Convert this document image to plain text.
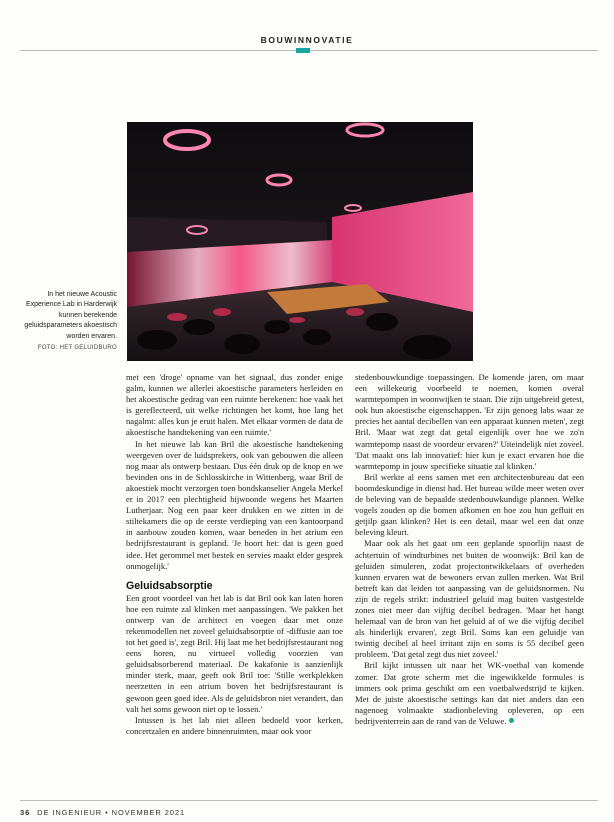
BOUWINNOVATIE
In het nieuwe Acoustic Experience Lab in Harderwijk kunnen berekende geluidsparameters akoestisch worden ervaren.
FOTO: HET GELUIDBURO

met een 'droge' opname van het signaal, dus zonder enige galm, kunnen we allerlei akoestische parameters herleiden en het akoestische gedrag van een ruimte berekenen: hoe vaak het is gereflecteerd, uit welke richtingen het komt, hoe lang het nagalmt: alles kun je eruit halen. Met elkaar vormen de data de akoestische handtekening van een ruimte.'

In het nieuwe lab kan Bril die akoestische handtekening weergeven over de luidsprekers, ook van gebouwen die alleen nog maar als ontwerp bestaan. Dus één druk op de knop en we bevinden ons in de Schlosskirche in Wittenberg, waar Bril de akoestiek mocht verzorgen toen bondskanselier Angela Merkel er in 2017 een plechtigheid bijwoonde wegens het Maarten Lutherjaar. Nog een paar keer drukken en we zitten in de stiltekamers die op de eerste verdieping van een kantoorpand in aanbouw zouden komen, waar beneden in het atrium een bedrijfsrestaurant is gepland. 'Je hoort het: dat is geen goed idee. Het gerommel met bestek en servies maakt elder gesprek onmogelijk.'

Geluidsabsorptie

Een groot voordeel van het lab is dat Bril ook kan laten horen hoe een ruimte zal klinken met aanpassingen. 'We pakken het ontwerp van de architect en voegen daar met onze rekenmodellen net zoveel geluidsabsorptie of -diffusie aan toe tot het goed is', zegt Bril. Hij laat me het bedrijfsrestaurant nog eens horen, nu virtueel volledig voorzien van geluidsabsorberend materiaal. De kakafonie is aanzienlijk minder sterk, maar, geeft ook Bril toe: 'Stille werkplekken neerzetten in een atrium boven het bedrijfsrestaurant is gewoon geen goed idee. Als de geluidsbron niet verandert, dan valt het soms gewoon niet op te lossen.'

Intussen is het lab niet alleen bedoeld voor kerken, concertzalen en andere binnenruimten, maar ook voor

stedenbouwkundige toepassingen. De komende jaren, om maar een willekeurig voorbeeld te noemen, komen overal warmtepompen in woonwijken te staan. Die zijn uitgebreid getest, ook hun akoestische eigenschappen. 'Er zijn genoeg labs waar ze precies het aantal decibellen van een apparaat kunnen meten', zegt Bril. 'Maar wat zegt dat getal eigenlijk over hoe we zo'n warmtepomp naast de voordeur ervaren?' Uiteindelijk niet zoveel. 'Dat maakt ons lab innovatief: hier kun je exact ervaren hoe die warmtepomp in jouw specifieke situatie zal klinken.'

Bril werkte al eens samen met een architectenbureau dat een boomdeskundige in dienst had. Het bureau wilde meer weten over de beleving van de bepaalde stedenbouwkundige plannen. Welke vogels zouden op die bomen afkomen en hoe zou hun gefluit en getjilp gaan klinken? Het is een detail, maar wel een dat onze beleving kleurt.

Maar ook als het gaat om een geplande spoorlijn naast de achtertuin of windturbines net buiten de woonwijk: Bril kan de geluiden simuleren, zodat projectontwikkelaars of overheden kunnen ervaren wat de bewoners ervan zullen merken. Wat Bril betreft kan dat leiden tot aanpassing van de geluidsnormen. Nu zijn de regels strikt: industrieel geluid mag buiten vastgestelde zones niet meer dan vijftig decibel bedragen. 'Maar het hangt helemaal van de bron van het geluid af of we die vijftig decibel als hinderlijk ervaren', zegt Bril. Soms kan een geluidje van twintig decibel al heel irritant zijn en soms is 55 decibel geen probleem. 'Dat getal zegt dus niet zoveel.'

Bril kijkt intussen uit naar het WK-voetbal van komende zomer. Dat grote scherm met die ingewikkelde formules is immers ook prima geschikt om een voetbalwedstrijd te kijken. Met de juiste akoestische settings kan dat niet anders dan een nagenoeg volmaakte stadionbeleving opleveren, op een bedrijventerrein aan de rand van de Veluwe.

36 DE INGENIEUR • NOVEMBER 2021
